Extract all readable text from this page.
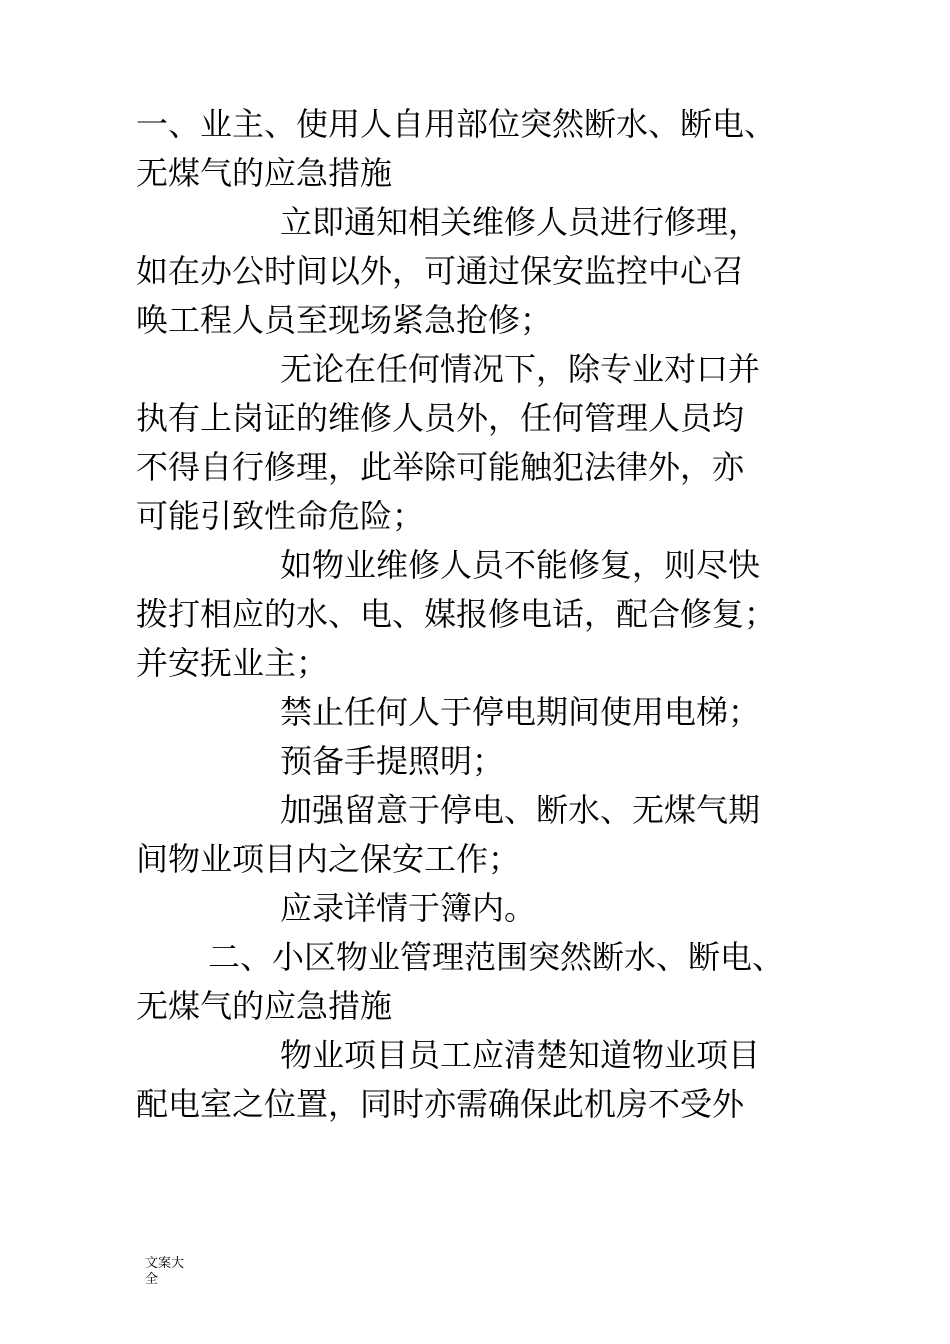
一、业主、使用人自用部位突然断水、断电、
无煤气的应急措施
立即通知相关维修人员进行修理，
如在办公时间以外，可通过保安监控中心召
唤工程人员至现场紧急抢修；
无论在任何情况下，除专业对口并
执有上岗证的维修人员外，任何管理人员均
不得自行修理，此举除可能触犯法律外，亦
可能引致性命危险；
如物业维修人员不能修复，则尽快
拨打相应的水、电、媒报修电话，配合修复；
并安抚业主；
禁止任何人于停电期间使用电梯；
预备手提照明；
加强留意于停电、断水、无煤气期
间物业项目内之保安工作；
应录详情于簿内。
二、小区物业管理范围突然断水、断电、
无煤气的应急措施
物业项目员工应清楚知道物业项目
配电室之位置，同时亦需确保此机房不受外
文案大
全
